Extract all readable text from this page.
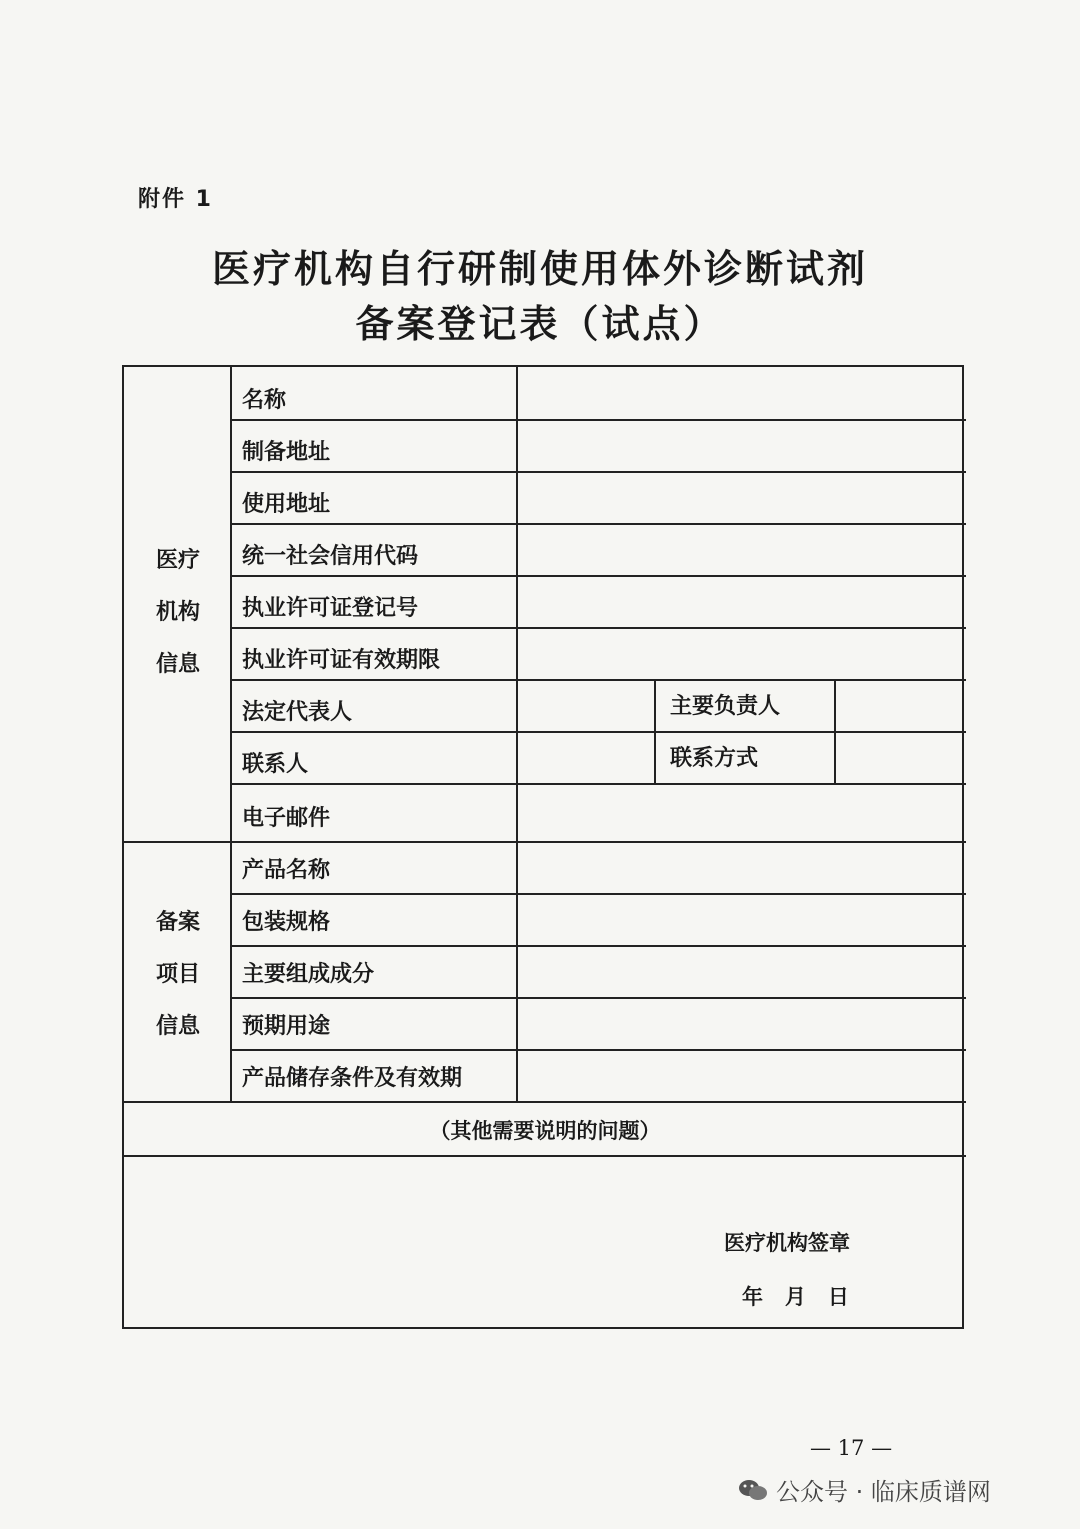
附件 1
医疗机构自行研制使用体外诊断试剂
备案登记表（试点）
医疗
机构
信息
备案
项目
信息
名称
制备地址
使用地址
统一社会信用代码
执业许可证登记号
执业许可证有效期限
法定代表人	主要负责人
联系人	联系方式
电子邮件
产品名称
包装规格
主要组成成分
预期用途
产品储存条件及有效期
（其他需要说明的问题）
医疗机构签章
年   月   日
— 17 —
公众号 · 临床质谱网
